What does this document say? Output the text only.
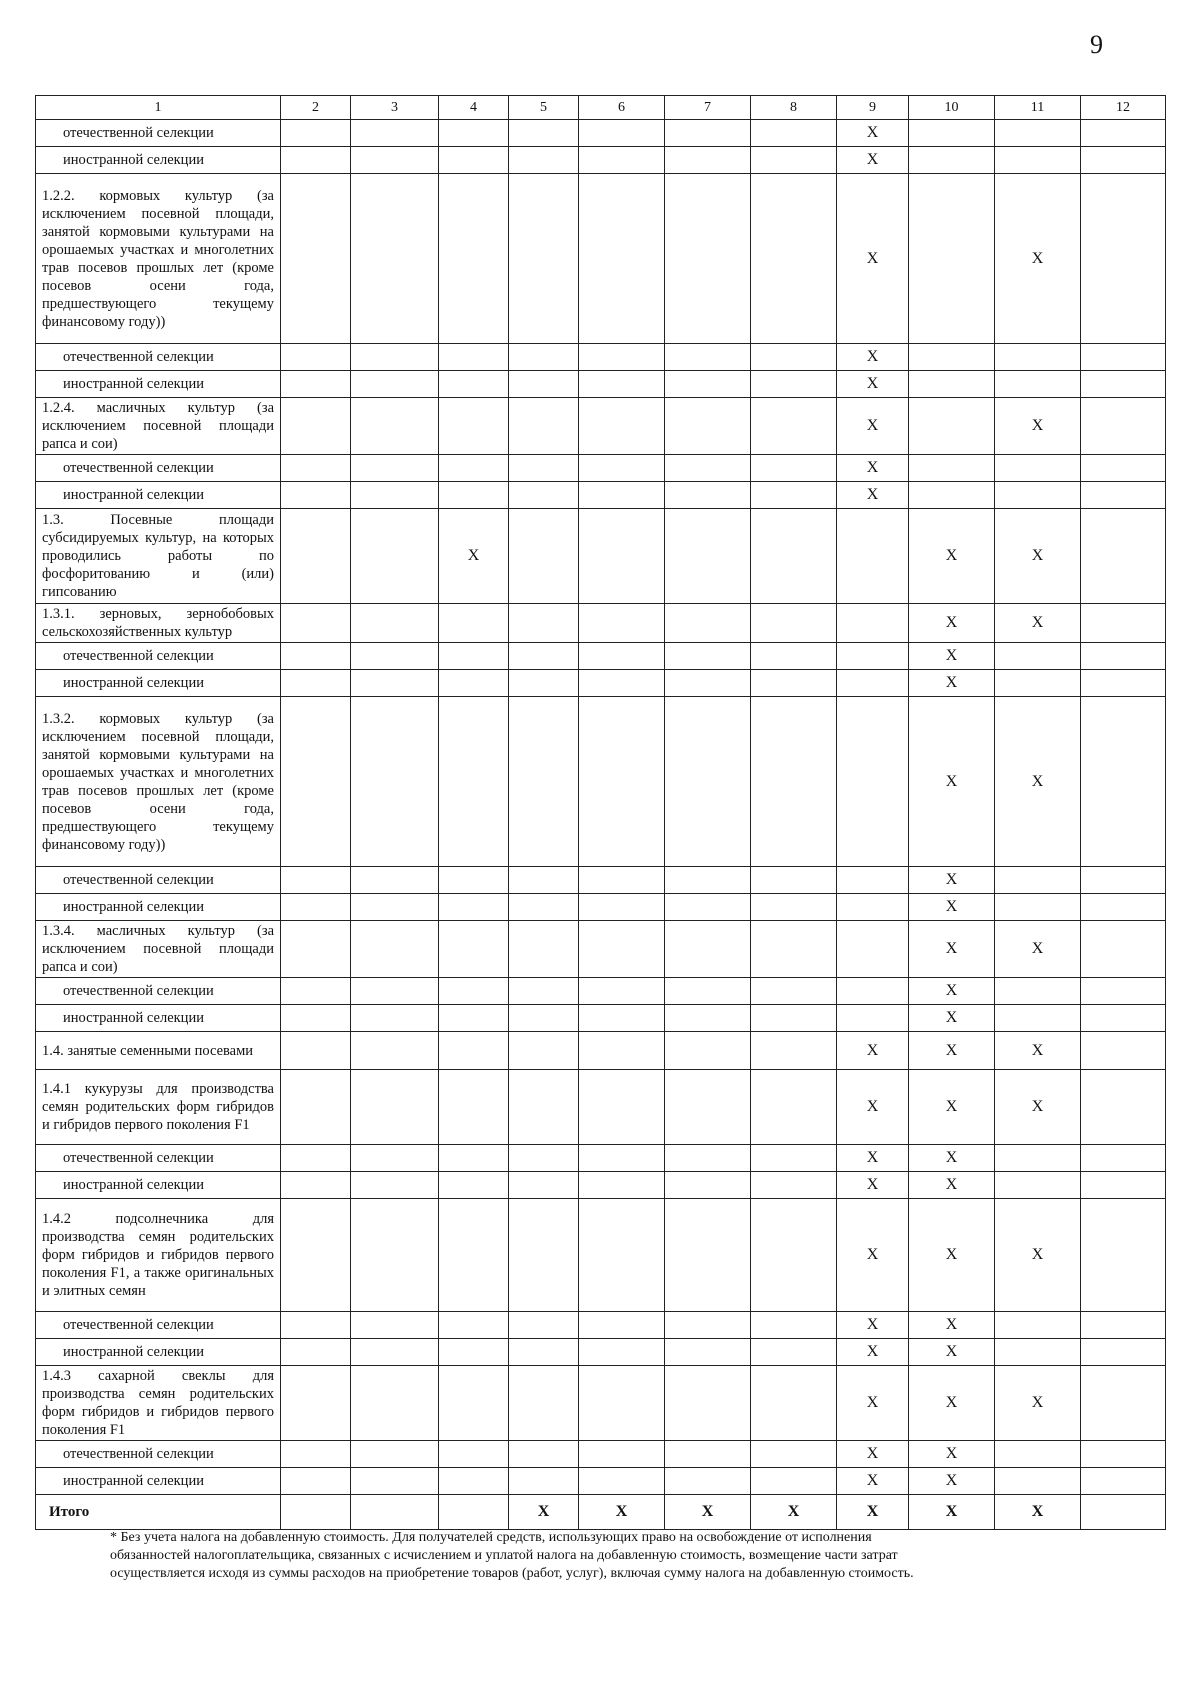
9
1	2	3	4	5	6	7	8	9	10	11	12
отечественной селекции								X			
иностранной селекции								X			
1.2.2. кормовых культур (за исключением посевной площади, занятой кормовыми культурами на орошаемых участках и многолетних трав посевов прошлых лет (кроме посевов осени года, предшествующего текущему финансовому году))								X		X	
отечественной селекции								X			
иностранной селекции								X			
1.2.4. масличных культур (за исключением посевной площади рапса и сои)								X		X	
отечественной селекции								X			
иностранной селекции								X			
1.3. Посевные площади субсидируемых культур, на которых проводились работы по фосфоритованию и (или) гипсованию			X						X	X	
1.3.1. зерновых, зернобобовых сельскохозяйственных культур									X	X	
отечественной селекции									X		
иностранной селекции									X		
1.3.2. кормовых культур (за исключением посевной площади, занятой кормовыми культурами на орошаемых участках и многолетних трав посевов прошлых лет (кроме посевов осени года, предшествующего текущему финансовому году))									X	X	
отечественной селекции									X		
иностранной селекции									X		
1.3.4. масличных культур (за исключением посевной площади рапса и сои)									X	X	
отечественной селекции									X		
иностранной селекции									X		
1.4. занятые семенными посевами								X	X	X	
1.4.1 кукурузы для производства семян родительских форм гибридов и гибридов первого поколения F1								X	X	X	
отечественной селекции								X	X		
иностранной селекции								X	X		
1.4.2 подсолнечника для производства семян родительских форм гибридов и гибридов первого поколения F1, а также оригинальных и элитных семян								X	X	X	
отечественной селекции								X	X		
иностранной селекции								X	X		
1.4.3 сахарной свеклы для производства семян родительских форм гибридов и гибридов первого поколения F1								X	X	X	
отечественной селекции								X	X		
иностранной селекции								X	X		
Итого				X	X	X	X	X	X	X	
* Без учета налога на добавленную стоимость. Для получателей средств, использующих право на освобождение от исполнения обязанностей налогоплательщика, связанных с исчислением и уплатой налога на добавленную стоимость, возмещение части затрат осуществляется исходя из суммы расходов на приобретение товаров (работ, услуг), включая сумму налога на добавленную стоимость.
